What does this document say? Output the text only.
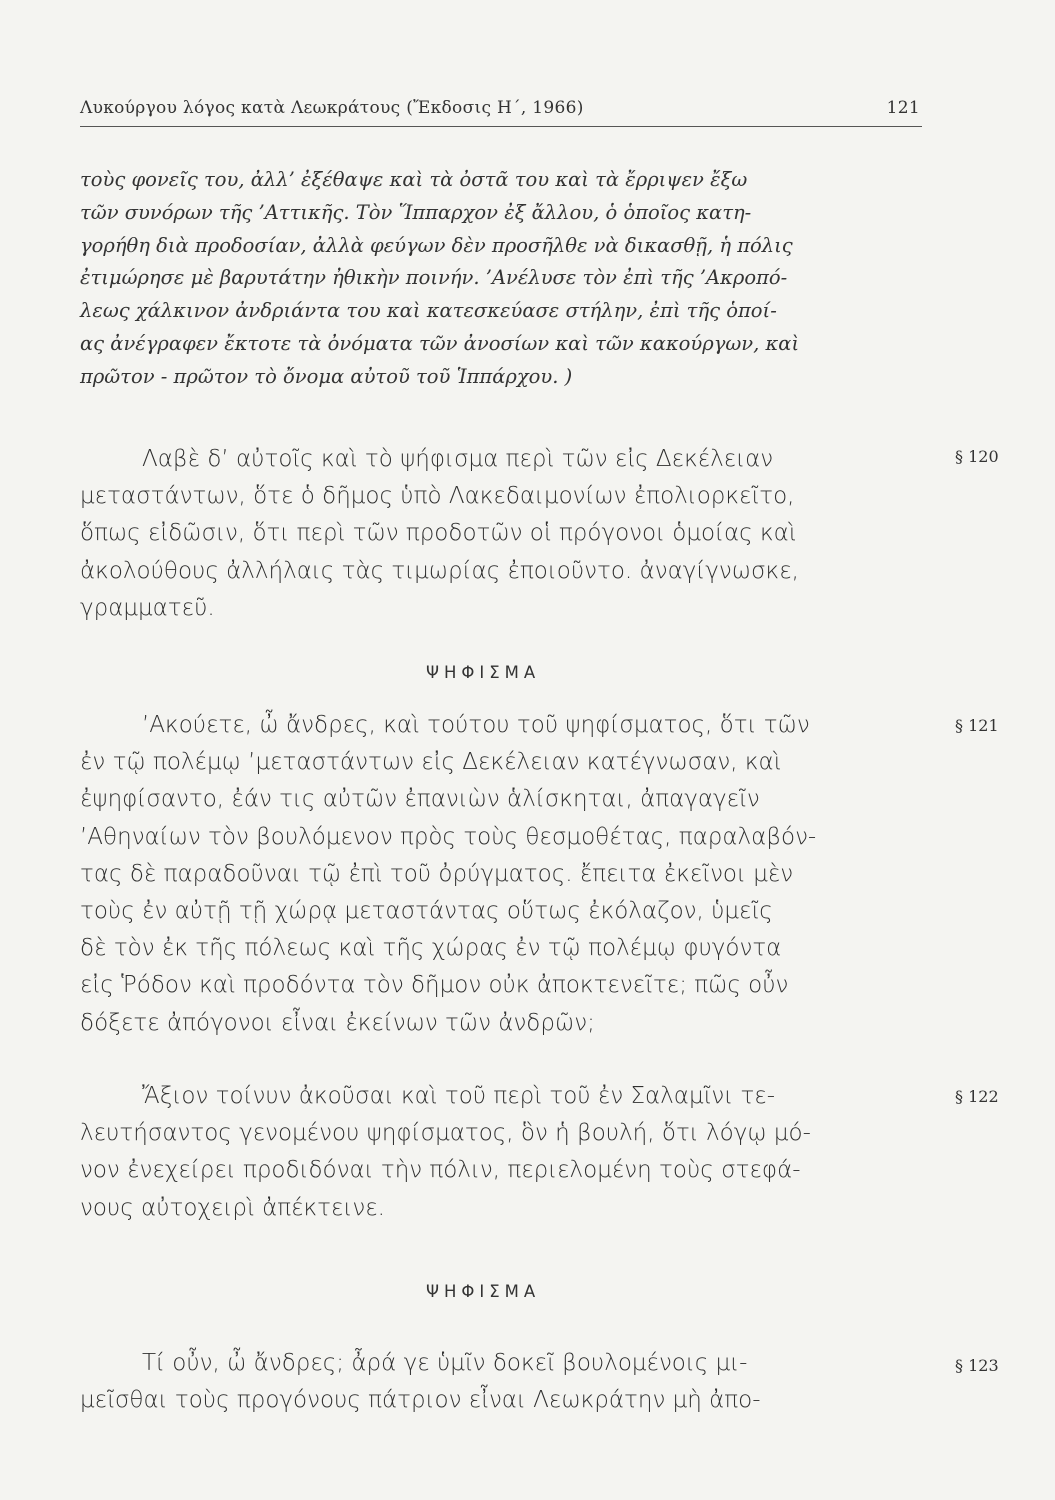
Λυκούργου λόγος κατὰ Λεωκράτους (Ἔκδοσις Η΄, 1966)	121
τοὺς φονεῖς του, ἀλλ’ ἐξέθαψε καὶ τὰ ὀστᾶ του καὶ τὰ ἔρριψεν ἔξω
τῶν συνόρων τῆς ’Αττικῆς. Τὸν Ἵππαρχον ἐξ ἄλλου, ὁ ὁποῖος κατη-
γορήθη διὰ προδοσίαν, ἀλλὰ φεύγων δὲν προσῆλθε νὰ δικασθῇ, ἡ πόλις
ἐτιμώρησε μὲ βαρυτάτην ἠθικὴν ποινήν. ’Ανέλυσε τὸν ἐπὶ τῆς ’Ακροπό-
λεως χάλκινον ἀνδριάντα του καὶ κατεσκεύασε στήλην, ἐπὶ τῆς ὁποί-
ας ἀνέγραφεν ἔκτοτε τὰ ὀνόματα τῶν ἀνοσίων καὶ τῶν κακούργων, καὶ
πρῶτον - πρῶτον τὸ ὄνομα αὐτοῦ τοῦ Ἱππάρχου. )
§ 120
Λαβὲ δ’ αὐτοῖς καὶ τὸ ψήφισμα περὶ τῶν εἰς Δεκέλειαν
μεταστάντων, ὅτε ὁ δῆμος ὑπὸ Λακεδαιμονίων ἐπολιορκεῖτο,
ὅπως εἰδῶσιν, ὅτι περὶ τῶν προδοτῶν οἱ πρόγονοι ὁμοίας καὶ
ἀκολούθους ἀλλήλαις τὰς τιμωρίας ἐποιοῦντο. ἀναγίγνωσκε,
γραμματεῦ.
ΨΗΦΙΣΜΑ
§ 121
’Ακούετε, ὦ ἄνδρες, καὶ τούτου τοῦ ψηφίσματος, ὅτι τῶν
ἐν τῷ πολέμῳ ’μεταστάντων εἰς Δεκέλειαν κατέγνωσαν, καὶ
ἐψηφίσαντο, ἐάν τις αὐτῶν ἐπανιὼν ἁλίσκηται, ἀπαγαγεῖν
’Αθηναίων τὸν βουλόμενον πρὸς τοὺς θεσμοθέτας, παραλαβόν-
τας δὲ παραδοῦναι τῷ ἐπὶ τοῦ ὀρύγματος. ἔπειτα ἐκεῖνοι μὲν
τοὺς ἐν αὐτῇ τῇ χώρᾳ μεταστάντας οὕτως ἐκόλαζον, ὑμεῖς
δὲ τὸν ἐκ τῆς πόλεως καὶ τῆς χώρας ἐν τῷ πολέμῳ φυγόντα
εἰς Ῥόδον καὶ προδόντα τὸν δῆμον οὐκ ἀποκτενεῖτε; πῶς οὖν
δόξετε ἀπόγονοι εἶναι ἐκείνων τῶν ἀνδρῶν;
§ 122
Ἄξιον τοίνυν ἀκοῦσαι καὶ τοῦ περὶ τοῦ ἐν Σαλαμῖνι τε-
λευτήσαντος γενομένου ψηφίσματος, ὃν ἡ βουλή, ὅτι λόγῳ μό-
νον ἐνεχείρει προδιδόναι τὴν πόλιν, περιελομένη τοὺς στεφά-
νους αὐτοχειρὶ ἀπέκτεινε.
ΨΗΦΙΣΜΑ
§ 123
Τί οὖν, ὦ ἄνδρες; ἆρά γε ὑμῖν δοκεῖ βουλομένοις μι-
μεῖσθαι τοὺς προγόνους πάτριον εἶναι Λεωκράτην μὴ ἀπο-
